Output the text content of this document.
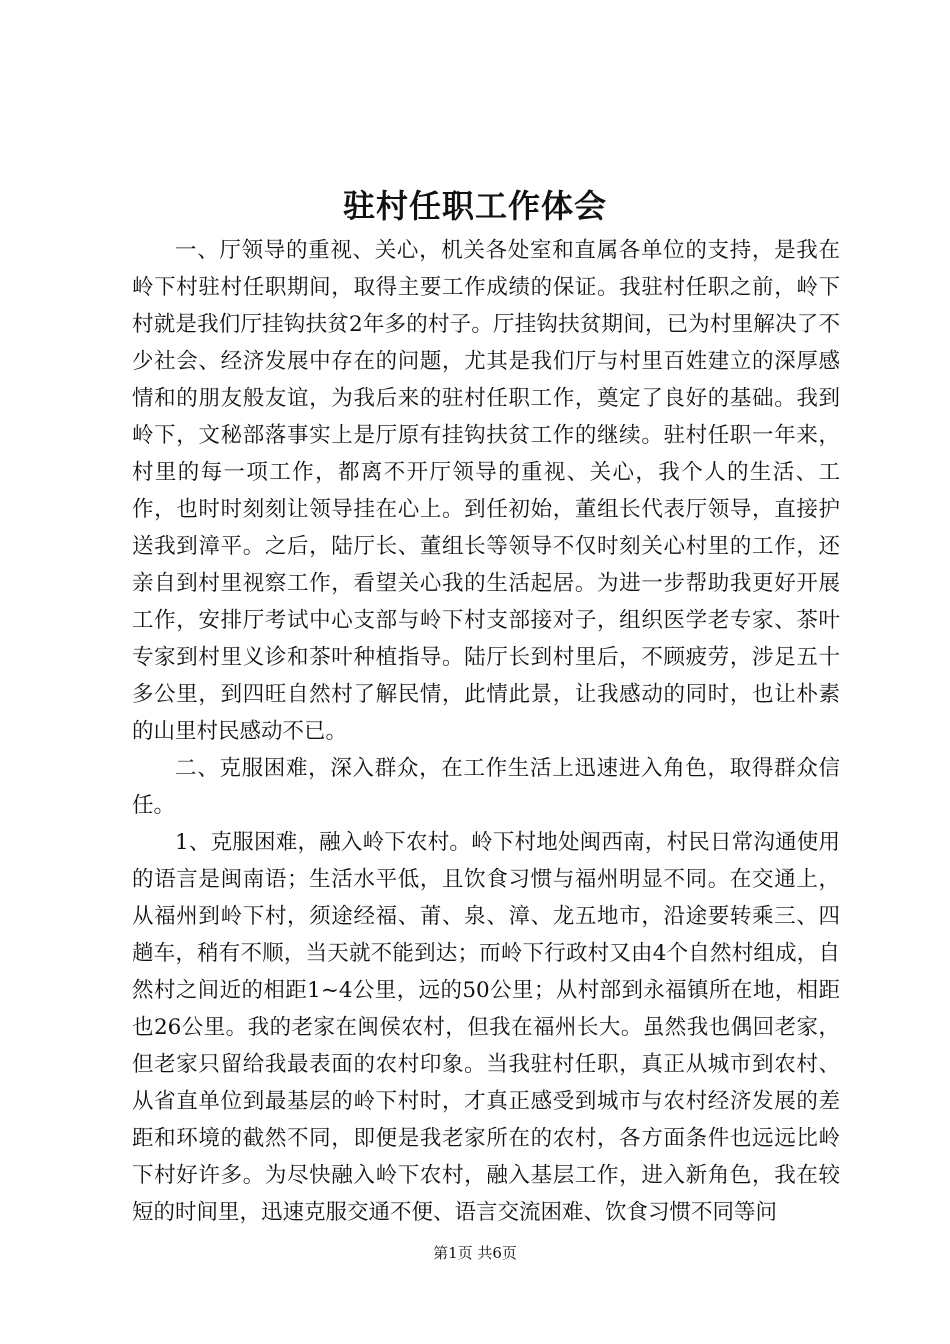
驻村任职工作体会

一、厅领导的重视、关心，机关各处室和直属各单位的支持，是我在岭下村驻村任职期间，取得主要工作成绩的保证。我驻村任职之前，岭下村就是我们厅挂钩扶贫2年多的村子。厅挂钩扶贫期间，已为村里解决了不少社会、经济发展中存在的问题，尤其是我们厅与村里百姓建立的深厚感情和的朋友般友谊，为我后来的驻村任职工作，奠定了良好的基础。我到岭下，文秘部落事实上是厅原有挂钩扶贫工作的继续。驻村任职一年来，村里的每一项工作，都离不开厅领导的重视、关心，我个人的生活、工作，也时时刻刻让领导挂在心上。到任初始，董组长代表厅领导，直接护送我到漳平。之后，陆厅长、董组长等领导不仅时刻关心村里的工作，还亲自到村里视察工作，看望关心我的生活起居。为进一步帮助我更好开展工作，安排厅考试中心支部与岭下村支部接对子，组织医学老专家、茶叶专家到村里义诊和茶叶种植指导。陆厅长到村里后，不顾疲劳，涉足五十多公里，到四旺自然村了解民情，此情此景，让我感动的同时，也让朴素的山里村民感动不已。

二、克服困难，深入群众，在工作生活上迅速进入角色，取得群众信任。

1、克服困难，融入岭下农村。岭下村地处闽西南，村民日常沟通使用的语言是闽南语；生活水平低，且饮食习惯与福州明显不同。在交通上，从福州到岭下村，须途经福、莆、泉、漳、龙五地市，沿途要转乘三、四趟车，稍有不顺，当天就不能到达；而岭下行政村又由4个自然村组成，自然村之间近的相距1~4公里，远的50公里；从村部到永福镇所在地，相距也26公里。我的老家在闽侯农村，但我在福州长大。虽然我也偶回老家，但老家只留给我最表面的农村印象。当我驻村任职，真正从城市到农村、从省直单位到最基层的岭下村时，才真正感受到城市与农村经济发展的差距和环境的截然不同，即便是我老家所在的农村，各方面条件也远远比岭下村好许多。为尽快融入岭下农村，融入基层工作，进入新角色，我在较短的时间里，迅速克服交通不便、语言交流困难、饮食习惯不同等问

第1页 共6页
